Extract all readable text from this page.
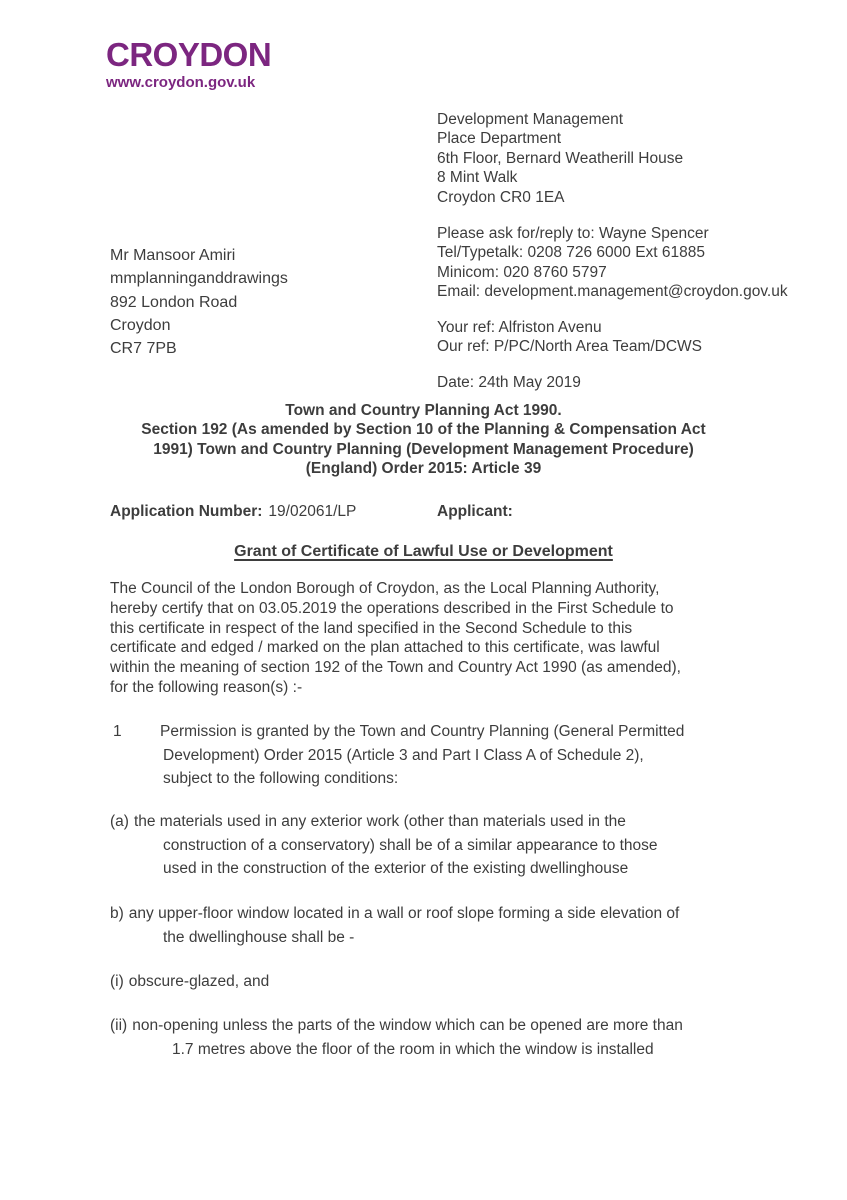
CROYDON
www.croydon.gov.uk
Development Management
Place Department
6th Floor, Bernard Weatherill House
8 Mint Walk
Croydon CR0 1EA
Please ask for/reply to: Wayne Spencer
Tel/Typetalk: 0208 726 6000 Ext 61885
Minicom: 020 8760 5797
Email: development.management@croydon.gov.uk
Your ref: Alfriston Avenu
Our ref: P/PC/North Area Team/DCWS
Date: 24th May 2019
Mr Mansoor Amiri
mmplanninganddrawings
892 London Road
Croydon
CR7 7PB
Town and Country Planning Act 1990.
Section 192 (As amended by Section 10 of the Planning & Compensation Act
1991) Town and Country Planning (Development Management Procedure)
(England) Order 2015: Article 39
Application Number: 19/02061/LP	Applicant:
Grant of Certificate of Lawful Use or Development
The Council of the London Borough of Croydon, as the Local Planning Authority,
hereby certify that on 03.05.2019 the operations described in the First Schedule to
this certificate in respect of the land specified in the Second Schedule to this
certificate and edged / marked on the plan attached to this certificate, was lawful
within the meaning of section 192 of the Town and Country Act 1990 (as amended),
for the following reason(s) :-
1 Permission is granted by the Town and Country Planning (General Permitted
Development) Order 2015 (Article 3 and Part I Class A of Schedule 2),
subject to the following conditions:
(a) the materials used in any exterior work (other than materials used in the
construction of a conservatory) shall be of a similar appearance to those
used in the construction of the exterior of the existing dwellinghouse
b) any upper-floor window located in a wall or roof slope forming a side elevation of
the dwellinghouse shall be -
(i) obscure-glazed, and
(ii) non-opening unless the parts of the window which can be opened are more than
1.7 metres above the floor of the room in which the window is installed
